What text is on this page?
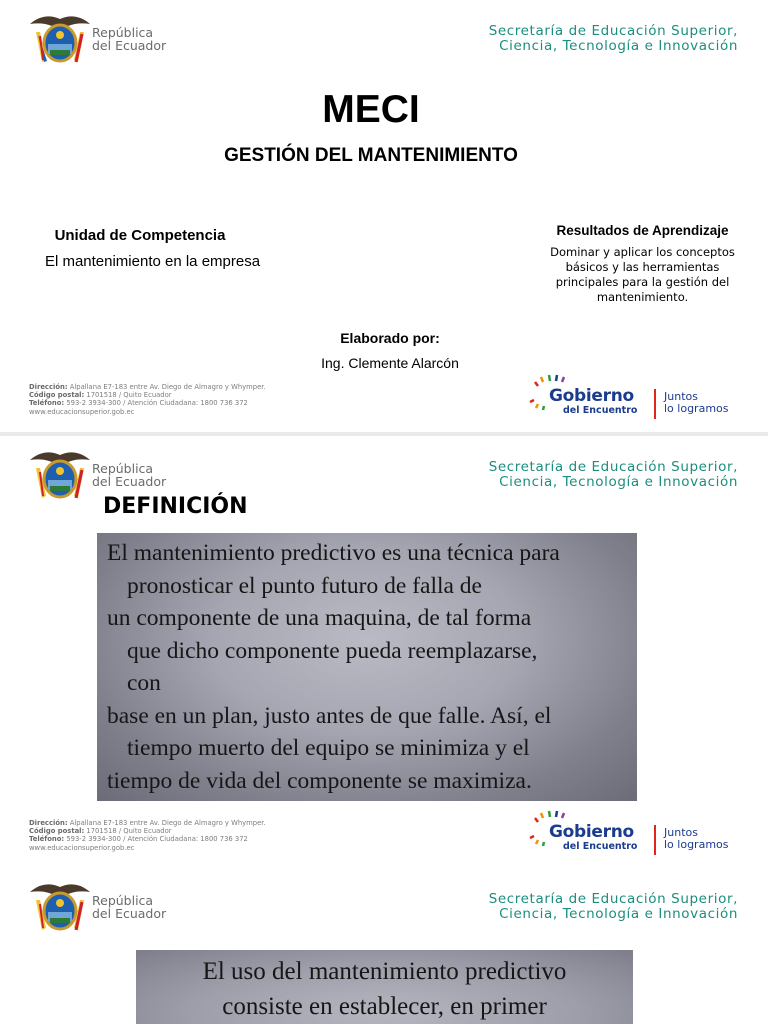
República
del Ecuador
Secretaría de Educación Superior,
Ciencia, Tecnología e Innovación
MECI
GESTIÓN DEL MANTENIMIENTO
Unidad de Competencia
El mantenimiento en la empresa
Resultados de Aprendizaje
Dominar y aplicar los conceptos básicos y las herramientas principales para la gestión del mantenimiento.
Elaborado por:
Ing. Clemente Alarcón
Dirección: Alpallana E7-183 entre Av. Diego de Almagro y Whymper.
Código postal: 1701518 / Quito Ecuador
Teléfono: 593-2 3934-300 / Atención Ciudadana: 1800 736 372
www.educacionsuperior.gob.ec
Gobierno
del Encuentro
Juntos
lo logramos
República
del Ecuador
Secretaría de Educación Superior,
Ciencia, Tecnología e Innovación
DEFINICIÓN
El mantenimiento predictivo es una técnica para
pronosticar el punto futuro de falla de
un componente de una maquina, de tal forma
que dicho componente pueda reemplazarse,
con
base en un plan, justo antes de que falle. Así, el
tiempo muerto del equipo se minimiza y el
tiempo de vida del componente se maximiza.
Dirección: Alpallana E7-183 entre Av. Diego de Almagro y Whymper.
Código postal: 1701518 / Quito Ecuador
Teléfono: 593-2 3934-300 / Atención Ciudadana: 1800 736 372
www.educacionsuperior.gob.ec
Gobierno
del Encuentro
Juntos
lo logramos
República
del Ecuador
Secretaría de Educación Superior,
Ciencia, Tecnología e Innovación
El uso del mantenimiento predictivo
consiste en establecer, en primer
